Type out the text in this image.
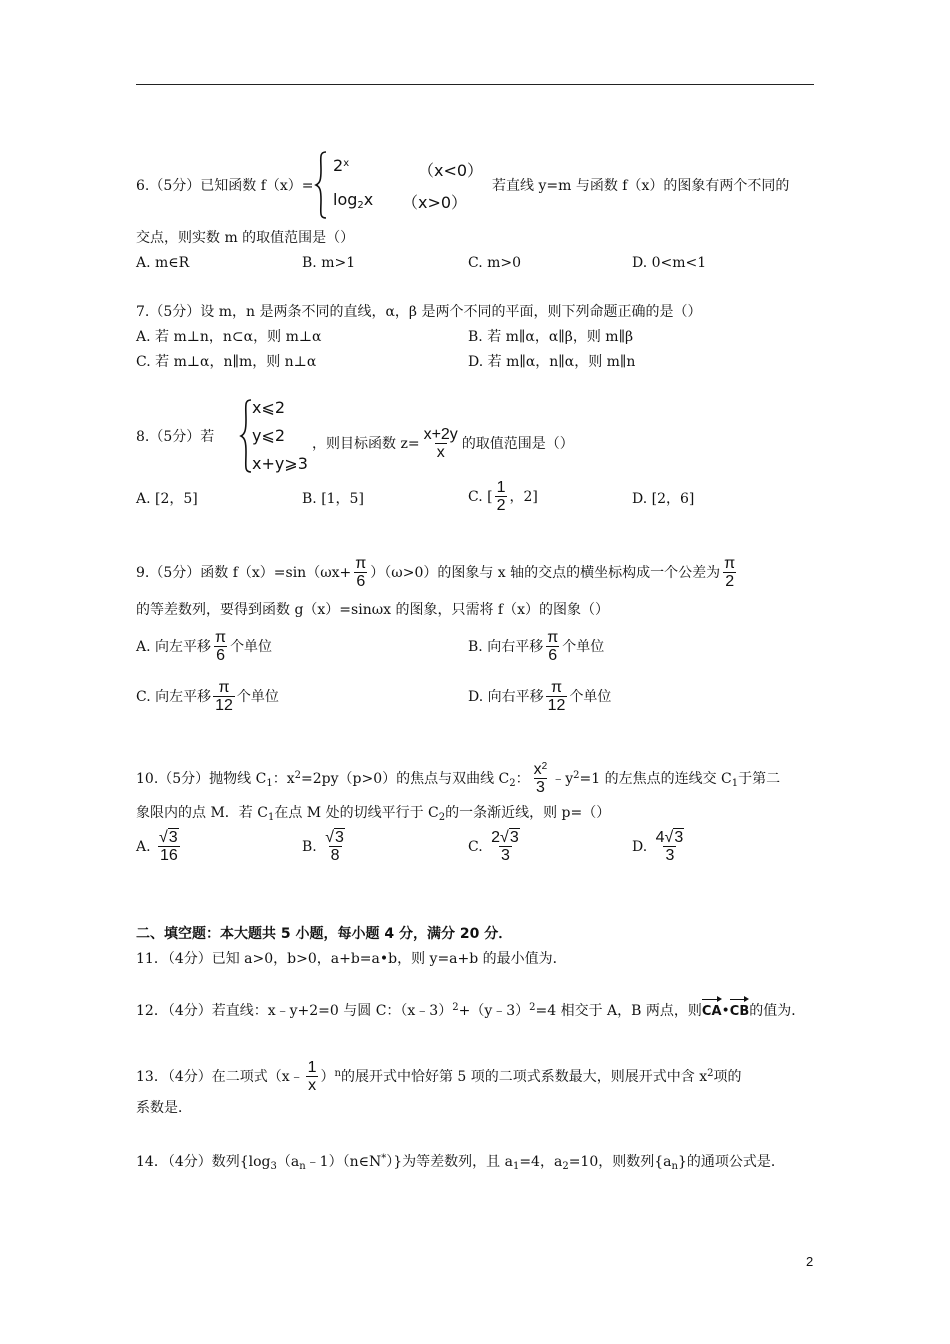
6.（5分）已知函数 f（x）=
$2^x$	（x<0）
$\log_2x$ （x>0）
若直线 y=m 与函数 f（x）的图象有两个不同的
交点，则实数 m 的取值范围是（）
A. m∈R	B. m>1	C. m>0	D. 0<m<1
7.（5分）设 m，n 是两条不同的直线，α，β 是两个不同的平面，则下列命题正确的是（）
A. 若 m⊥n，n⊂α，则 m⊥α	B. 若 m∥α，α∥β，则 m∥β
C. 若 m⊥α，n∥m，则 n⊥α	D. 若 m∥α，n∥α，则 m∥n
8.（5分）若
x⩽2
y⩽2
x+y⩾3
，则目标函数 $z= \frac{x+2y}{x}$ 的取值范围是（）
A. [2，5]	B. [1，5]	C. [ $\frac{1}{2}$ ，2]	D. [2，6]
9.（5分）函数 $f(x)=\sin(\omega x+ \frac{\pi}{6} )(\omega>0)$的图象与 x 轴的交点的横坐标构成一个公差为 $\frac{\pi}{2}$
的等差数列，要得到函数 g（x）=sinωx 的图象，只需将 f（x）的图象（）
A. 向左平移 $\frac{\pi}{6}$ 个单位	B. 向右平移 $\frac{\pi}{6}$ 个单位
C. 向左平移 $\frac{\pi}{12}$ 个单位	D. 向右平移 $\frac{\pi}{12}$ 个单位
10.（5分）抛物线 $C_1$：$x^2=2py(p>0)$的焦点与双曲线 $C_2$： $\frac{x^2}{3}$ $﹣y^2=1$ 的左焦点的连线交 $C_1$于第二
象限内的点 M．若 $C_1$在点 M 处的切线平行于 $C_2$的一条渐近线，则 p=（）
A. $\frac{√3}{16}$	B. $\frac{√3}{8}$	C. $\frac{2√3}{3}$	D. $\frac{4√3}{3}$
二、填空题：本大题共 5 小题，每小题 4 分，满分 20 分．
11．（4分）已知 a>0，b>0，a+b=a•b，则 y=a+b 的最小值为．
12．（4分）若直线：x﹣y+2=0 与圆 C：（x﹣3）$^2$+（y﹣3）$^2$=4 相交于 A，B 两点，则CA•CB的值为．
13．（4分）在二项式（x﹣ $\frac{1}{x} )^n$的展开式中恰好第 5 项的二项式系数最大，则展开式中含 $x^2$项的
系数是．
14．（4分）数列$\{\log_3(a_n﹣1)(n\in N^*)\}$为等差数列，且 $a_1=4$，$a_2=10$，则数列$\{a_n\}$的通项公式是．
2
